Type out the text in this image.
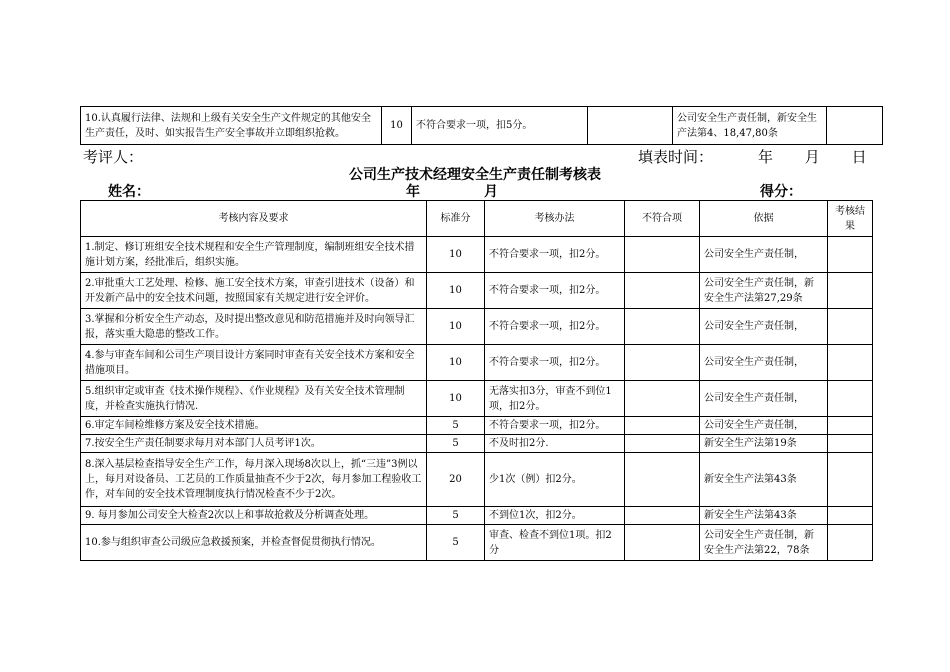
10.认真履行法律、法规和上级有关安全生产文件规定的其他安全生产责任，及时、如实报告生产安全事故并立即组织抢救。	10	不符合要求一项，扣5分。		公司安全生产责任制，新安全生产法第4、18,47,80条	
考评人：	填表时间：	年 月 日
公司生产技术经理安全生产责任制考核表
姓名：	年	月	得分：
考核内容及要求	标准分	考核办法	不符合项	依据	考核结果
1.制定、修订班组安全技术规程和安全生产管理制度，编制班组安全技术措施计划方案，经批准后，组织实施。	10	不符合要求一项，扣2分。		公司安全生产责任制，	
2.审批重大工艺处理、检修、施工安全技术方案，审查引进技术（设备）和开发新产品中的安全技术问题，按照国家有关规定进行安全评价。	10	不符合要求一项，扣2分。		公司安全生产责任制，新安全生产法第27,29条	
3.掌握和分析安全生产动态，及时提出整改意见和防范措施并及时向领导汇报，落实重大隐患的整改工作。	10	不符合要求一项，扣2分。		公司安全生产责任制，	
4.参与审查车间和公司生产项目设计方案同时审查有关安全技术方案和安全措施项目。	10	不符合要求一项，扣2分。		公司安全生产责任制，	
5.组织审定或审查《技术操作规程》、《作业规程》及有关安全技术管理制度，并检查实施执行情况.	10	无落实扣3分，审查不到位1项，扣2分。		公司安全生产责任制，	
6.审定车间检维修方案及安全技术措施。	5	不符合要求一项，扣2分。		公司安全生产责任制，	
7.按安全生产责任制要求每月对本部门人员考评1次。	5	不及时扣2分.		新安全生产法第19条	
8.深入基层检查指导安全生产工作，每月深入现场8次以上，抓“三违”3例以上，每月对设备员、工艺员的工作质量抽查不少于2次，每月参加工程验收工作，对车间的安全技术管理制度执行情况检查不少于2次。	20	少1次（例）扣2分。		新安全生产法第43条	
9. 每月参加公司安全大检查2次以上和事故抢救及分析调查处理。	5	不到位1次，扣2分。		新安全生产法第43条	
10.参与组织审查公司级应急救援预案，并检查督促贯彻执行情况。	5	审查、检查不到位1项。扣2分		公司安全生产责任制，新安全生产法第22，78条	
